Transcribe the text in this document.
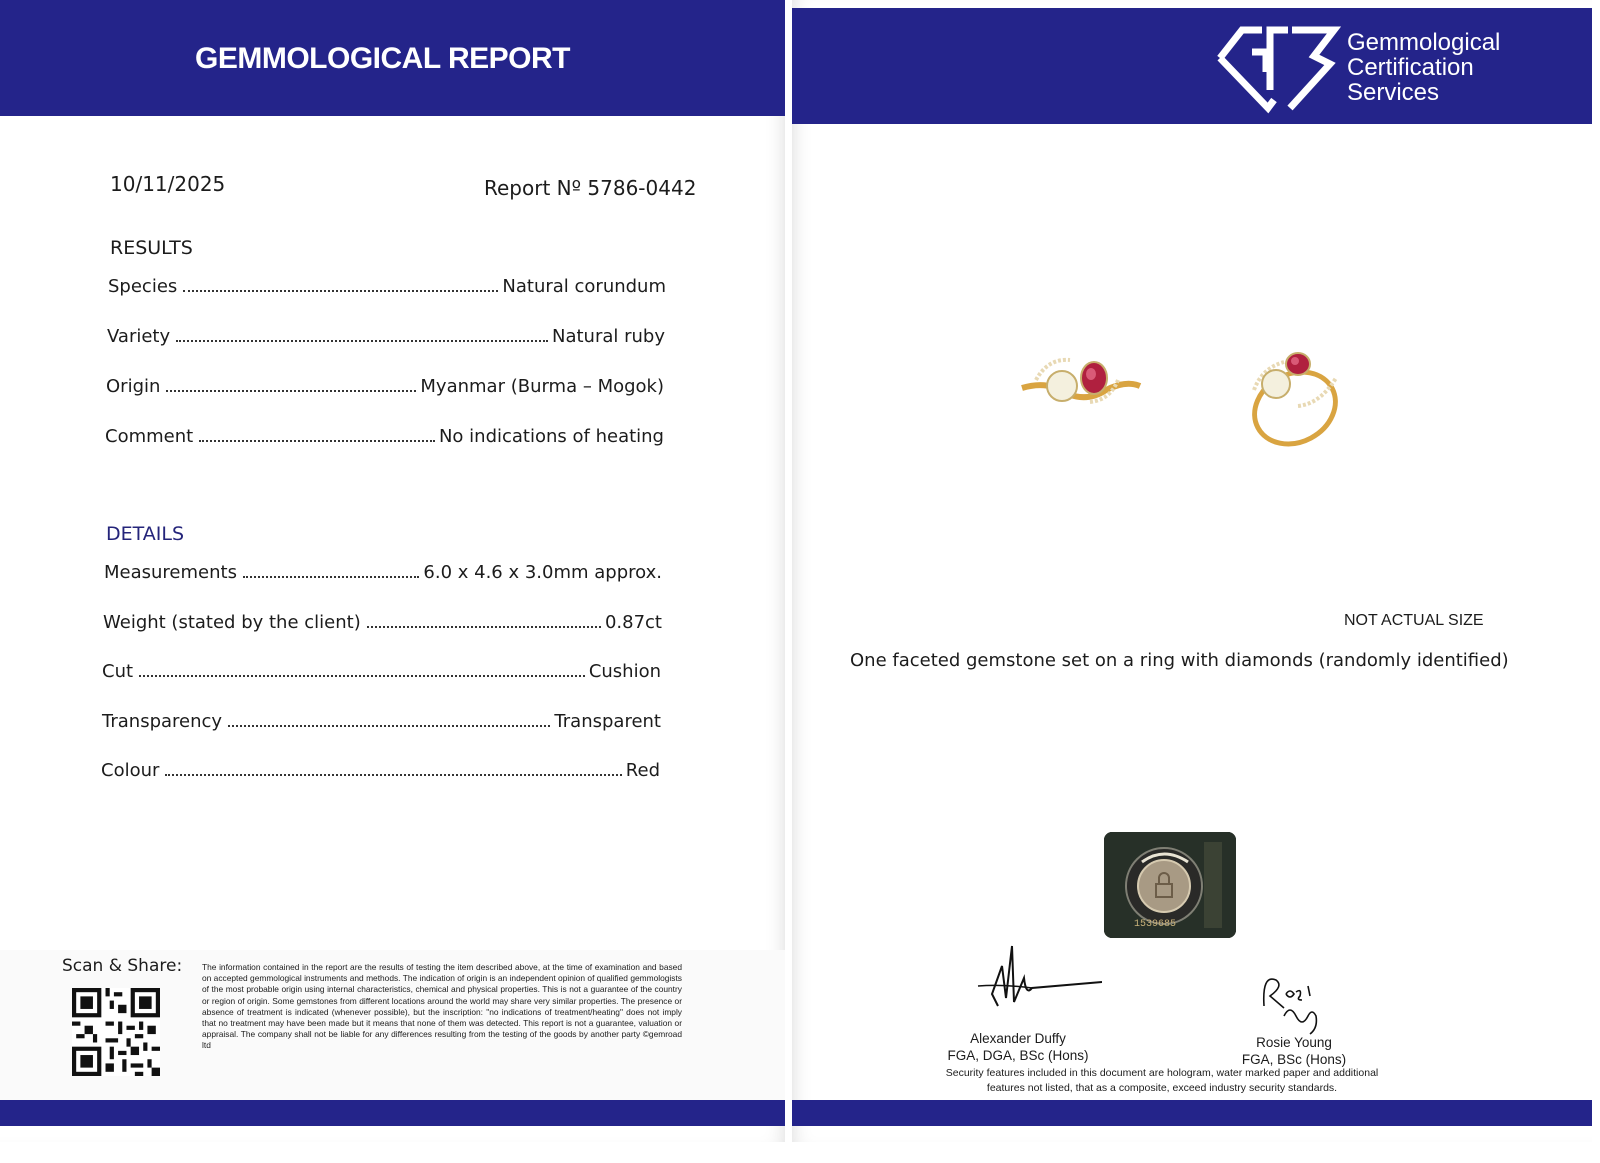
GEMMOLOGICAL REPORT
10/11/2025	Report Nº 5786-0442
RESULTS
Species	Natural corundum
Variety	Natural ruby
Origin	Myanmar (Burma – Mogok)
Comment	No indications of heating
DETAILS
Measurements	6.0 x 4.6 x 3.0mm approx.
Weight (stated by the client)	0.87ct
Cut	Cushion
Transparency	Transparent
Colour	Red
Scan & Share: The information contained in the report are the results of testing the item described above, at the time of examination and based on accepted gemmological instruments and methods. The indication of origin is an independent opinion of qualified gemmologists of the most probable origin using internal characteristics, chemical and physical properties. This is not a guarantee of the country or region of origin. Some gemstones from different locations around the world may share very similar properties. The presence or absence of treatment is indicated (whenever possible), but the inscription: "no indications of treatment/heating" does not imply that no treatment may have been made but it means that none of them was detected. This report is not a guarantee, valuation or appraisal. The company shall not be liable for any differences resulting from the testing of the goods by another party ©gemroad ltd
Gemmological
Certification
Services
NOT ACTUAL SIZE
One faceted gemstone set on a ring with diamonds (randomly identified)
1539685
Alexander Duffy
FGA, DGA, BSc (Hons)
Rosie Young
FGA, BSc (Hons)
Security features included in this document are hologram, water marked paper and additional
features not listed, that as a composite, exceed industry security standards.
